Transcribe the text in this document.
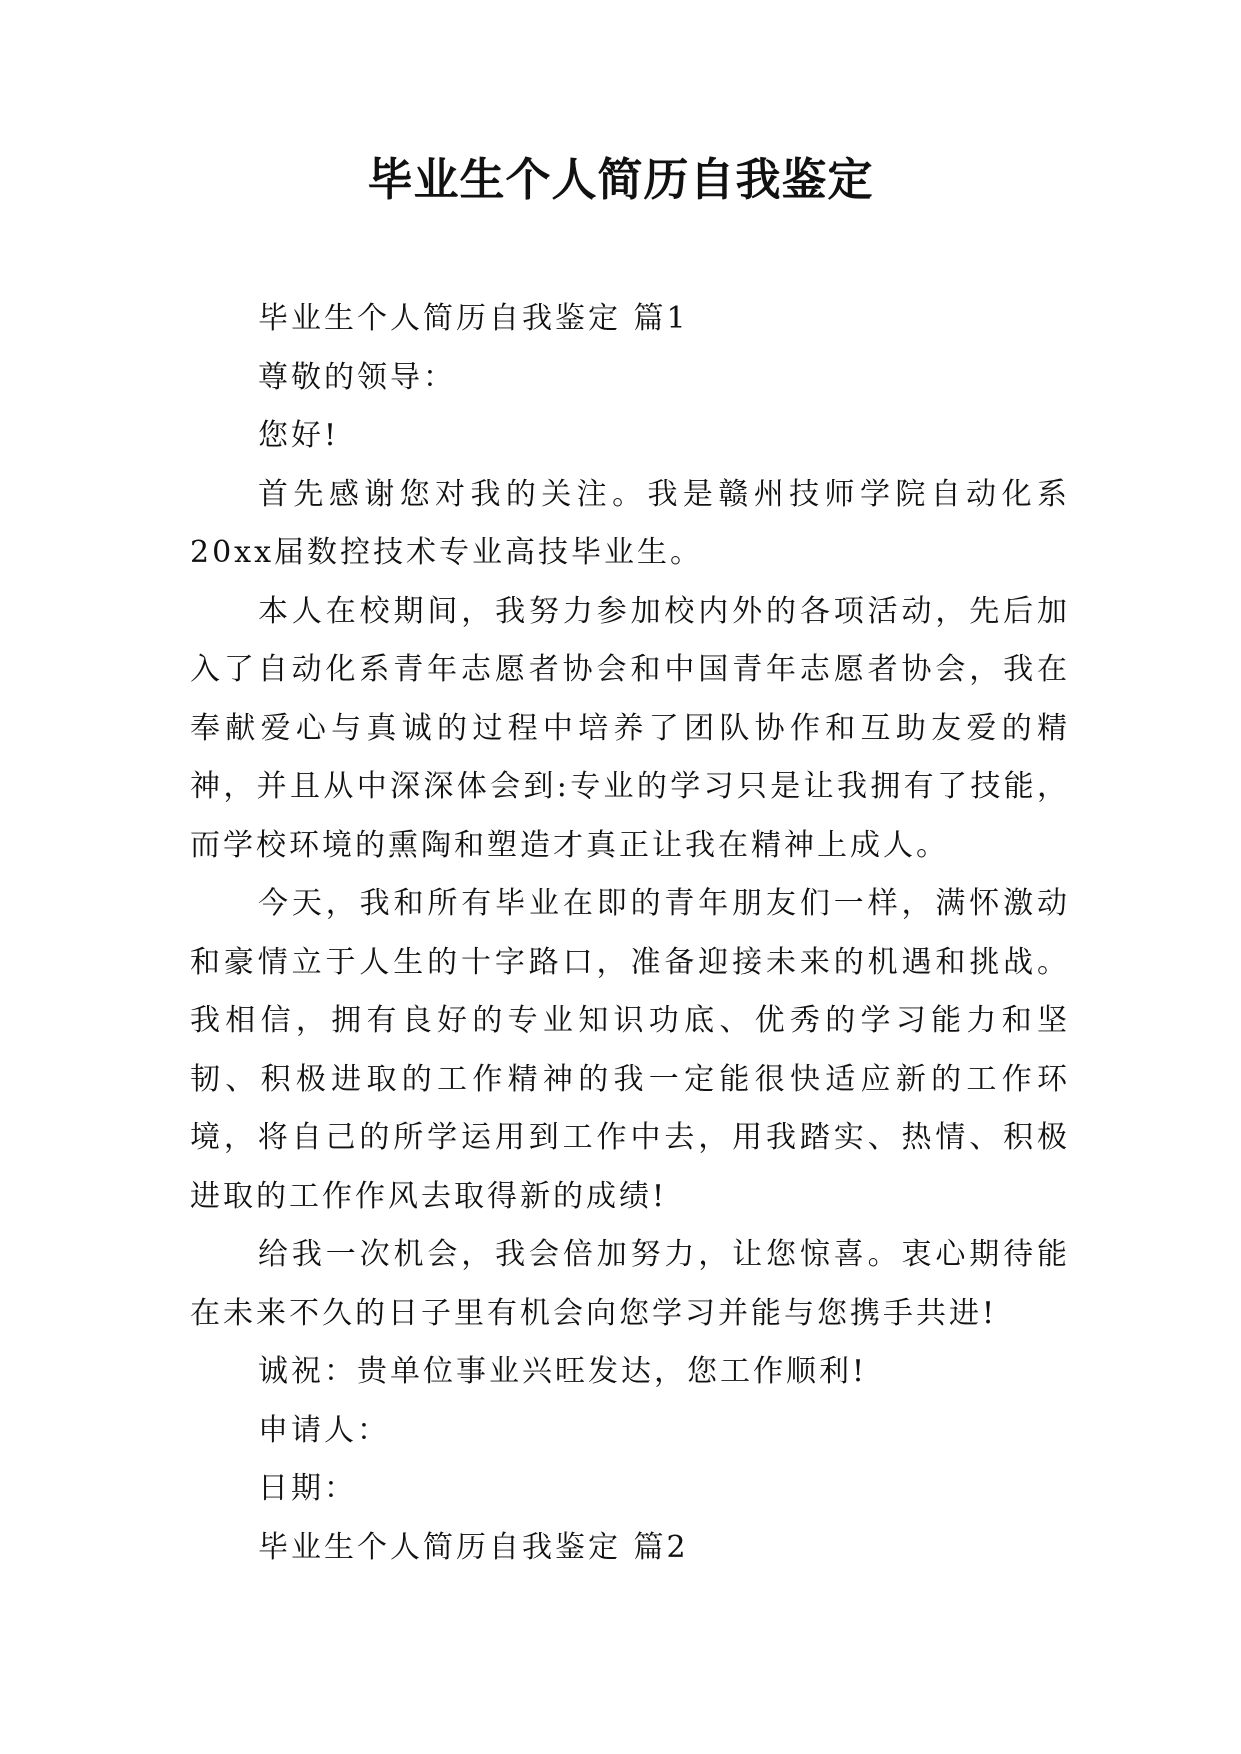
毕业生个人简历自我鉴定

毕业生个人简历自我鉴定 篇1

尊敬的领导：

您好!

首先感谢您对我的关注。我是赣州技师学院自动化系20xx届数控技术专业高技毕业生。

本人在校期间，我努力参加校内外的各项活动，先后加入了自动化系青年志愿者协会和中国青年志愿者协会，我在奉献爱心与真诚的过程中培养了团队协作和互助友爱的精神，并且从中深深体会到:专业的学习只是让我拥有了技能，而学校环境的熏陶和塑造才真正让我在精神上成人。

今天，我和所有毕业在即的青年朋友们一样，满怀激动和豪情立于人生的十字路口，准备迎接未来的机遇和挑战。我相信，拥有良好的专业知识功底、优秀的学习能力和坚韧、积极进取的工作精神的我一定能很快适应新的工作环境，将自己的所学运用到工作中去，用我踏实、热情、积极进取的工作作风去取得新的成绩!

给我一次机会，我会倍加努力，让您惊喜。衷心期待能在未来不久的日子里有机会向您学习并能与您携手共进!

诚祝：贵单位事业兴旺发达，您工作顺利!

申请人：

日期：

毕业生个人简历自我鉴定 篇2
